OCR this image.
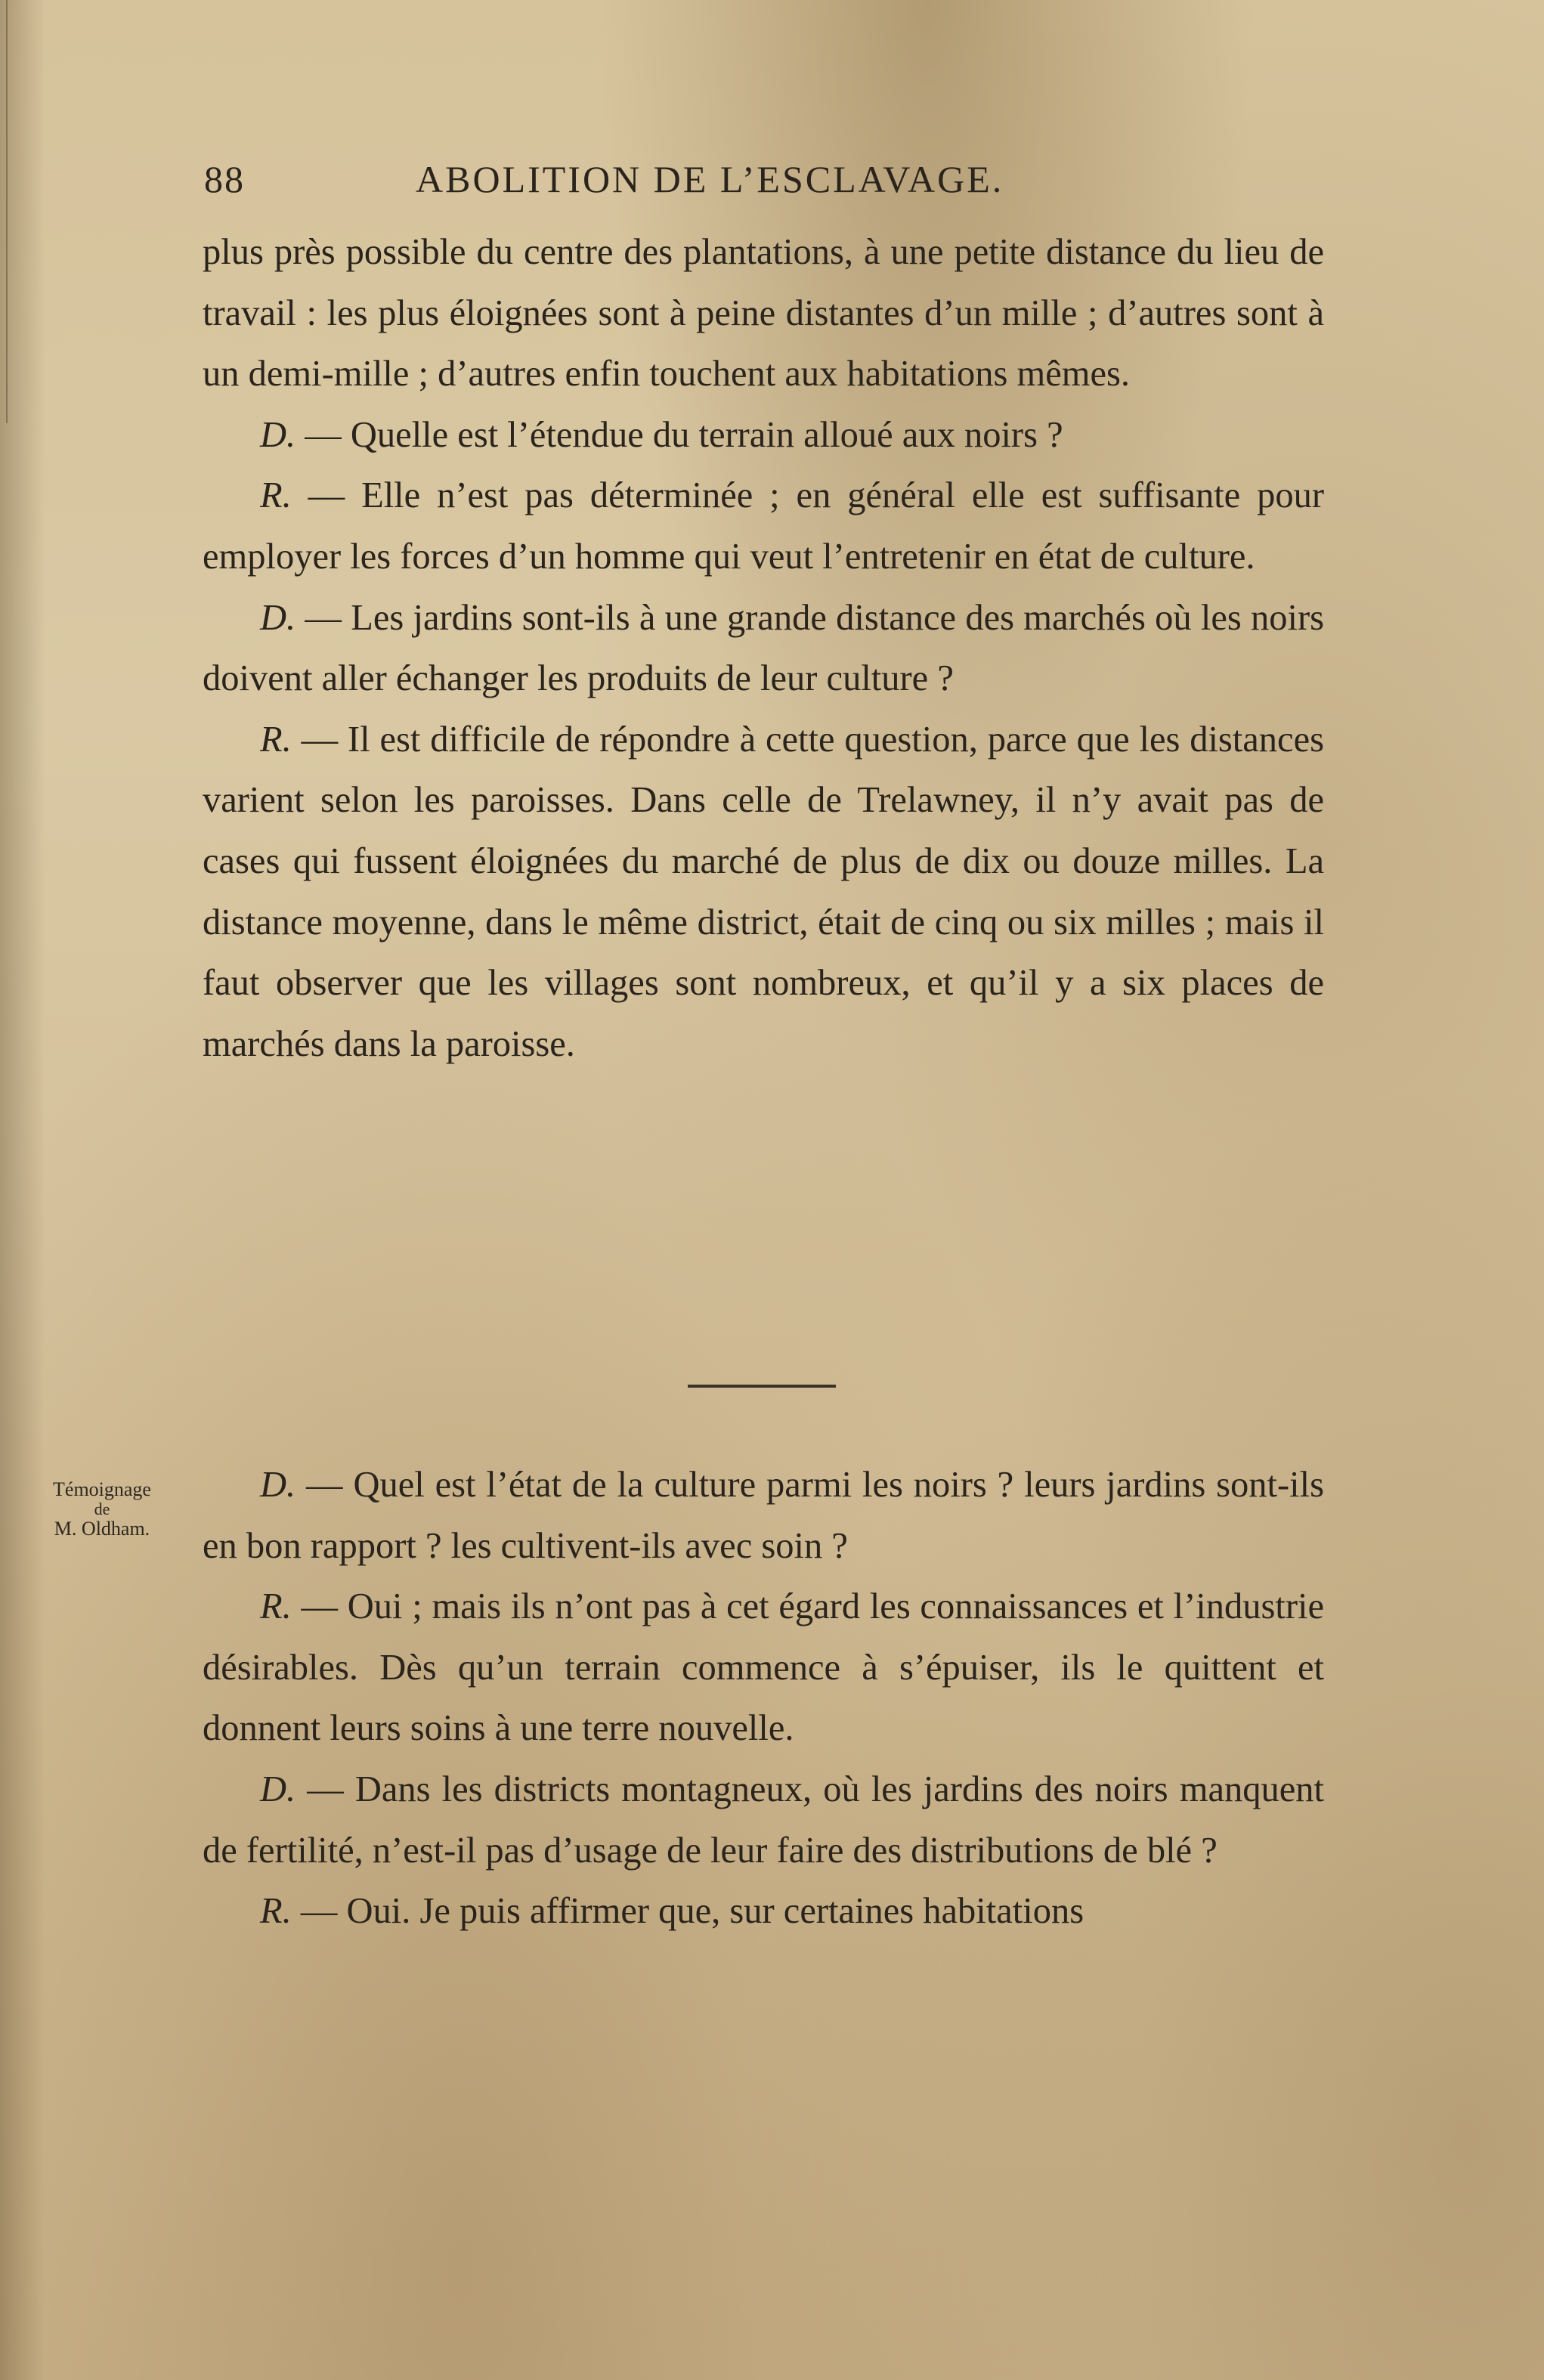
88	ABOLITION DE L’ESCLAVAGE.

plus près possible du centre des plantations, à une petite distance du lieu de travail : les plus éloignées sont à peine distantes d’un mille ; d’autres sont à un demi-mille ; d’autres enfin touchent aux habitations mêmes.

D. — Quelle est l’étendue du terrain alloué aux noirs ?

R. — Elle n’est pas déterminée ; en général elle est suffisante pour employer les forces d’un homme qui veut l’entretenir en état de culture.

D. — Les jardins sont-ils à une grande distance des marchés où les noirs doivent aller échanger les produits de leur culture ?

R. — Il est difficile de répondre à cette question, parce que les distances varient selon les paroisses. Dans celle de Trelawney, il n’y avait pas de cases qui fussent éloignées du marché de plus de dix ou douze milles. La distance moyenne, dans le même district, était de cinq ou six milles ; mais il faut observer que les villages sont nombreux, et qu’il y a six places de marchés dans la paroisse.

Témoignage
de
M. Oldham.

D. — Quel est l’état de la culture parmi les noirs ? leurs jardins sont-ils en bon rapport ? les cultivent-ils avec soin ?

R. — Oui ; mais ils n’ont pas à cet égard les connaissances et l’industrie désirables. Dès qu’un terrain commence à s’épuiser, ils le quittent et donnent leurs soins à une terre nouvelle.

D. — Dans les districts montagneux, où les jardins des noirs manquent de fertilité, n’est-il pas d’usage de leur faire des distributions de blé ?

R. — Oui. Je puis affirmer que, sur certaines habitations
